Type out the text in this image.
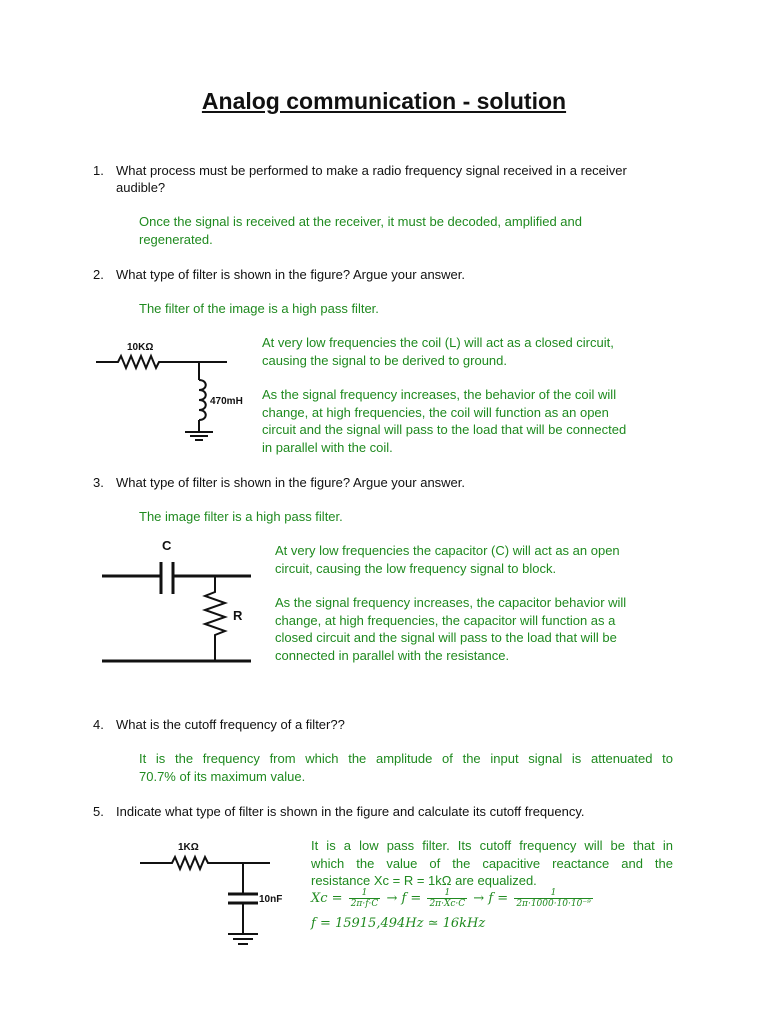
Analog communication - solution
1. What process must be performed to make a radio frequency signal received in a receiver
audible?
Once the signal is received at the receiver, it must be decoded, amplified and
regenerated.
2. What type of filter is shown in the figure? Argue your answer.
The filter of the image is a high pass filter.
10KΩ
470mH
At very low frequencies the coil (L) will act as a closed circuit,
causing the signal to be derived to ground.
As the signal frequency increases, the behavior of the coil will
change, at high frequencies, the coil will function as an open
circuit and the signal will pass to the load that will be connected
in parallel with the coil.
3. What type of filter is shown in the figure? Argue your answer.
The image filter is a high pass filter.
C
R
At very low frequencies the capacitor (C) will act as an open
circuit, causing the low frequency signal to block.
As the signal frequency increases, the capacitor behavior will
change, at high frequencies, the capacitor will function as a
closed circuit and the signal will pass to the load that will be
connected in parallel with the resistance.
4. What is the cutoff frequency of a filter??
It is the frequency from which the amplitude of the input signal is attenuated to
70.7% of its maximum value.
5. Indicate what type of filter is shown in the figure and calculate its cutoff frequency.
1KΩ
10nF
It is a low pass filter. Its cutoff frequency will be that in
which the value of the capacitive reactance and the
resistance Xc = R = 1kΩ are equalized.
$Xc = \frac{1}{2\pi\cdot f\cdot C} \to f = \frac{1}{2\pi\cdot Xc\cdot C} \to f = \frac{1}{\text{2π·1000·10·10⁻⁹}}$
f = 15915,494Hz ≃ 16kHz
